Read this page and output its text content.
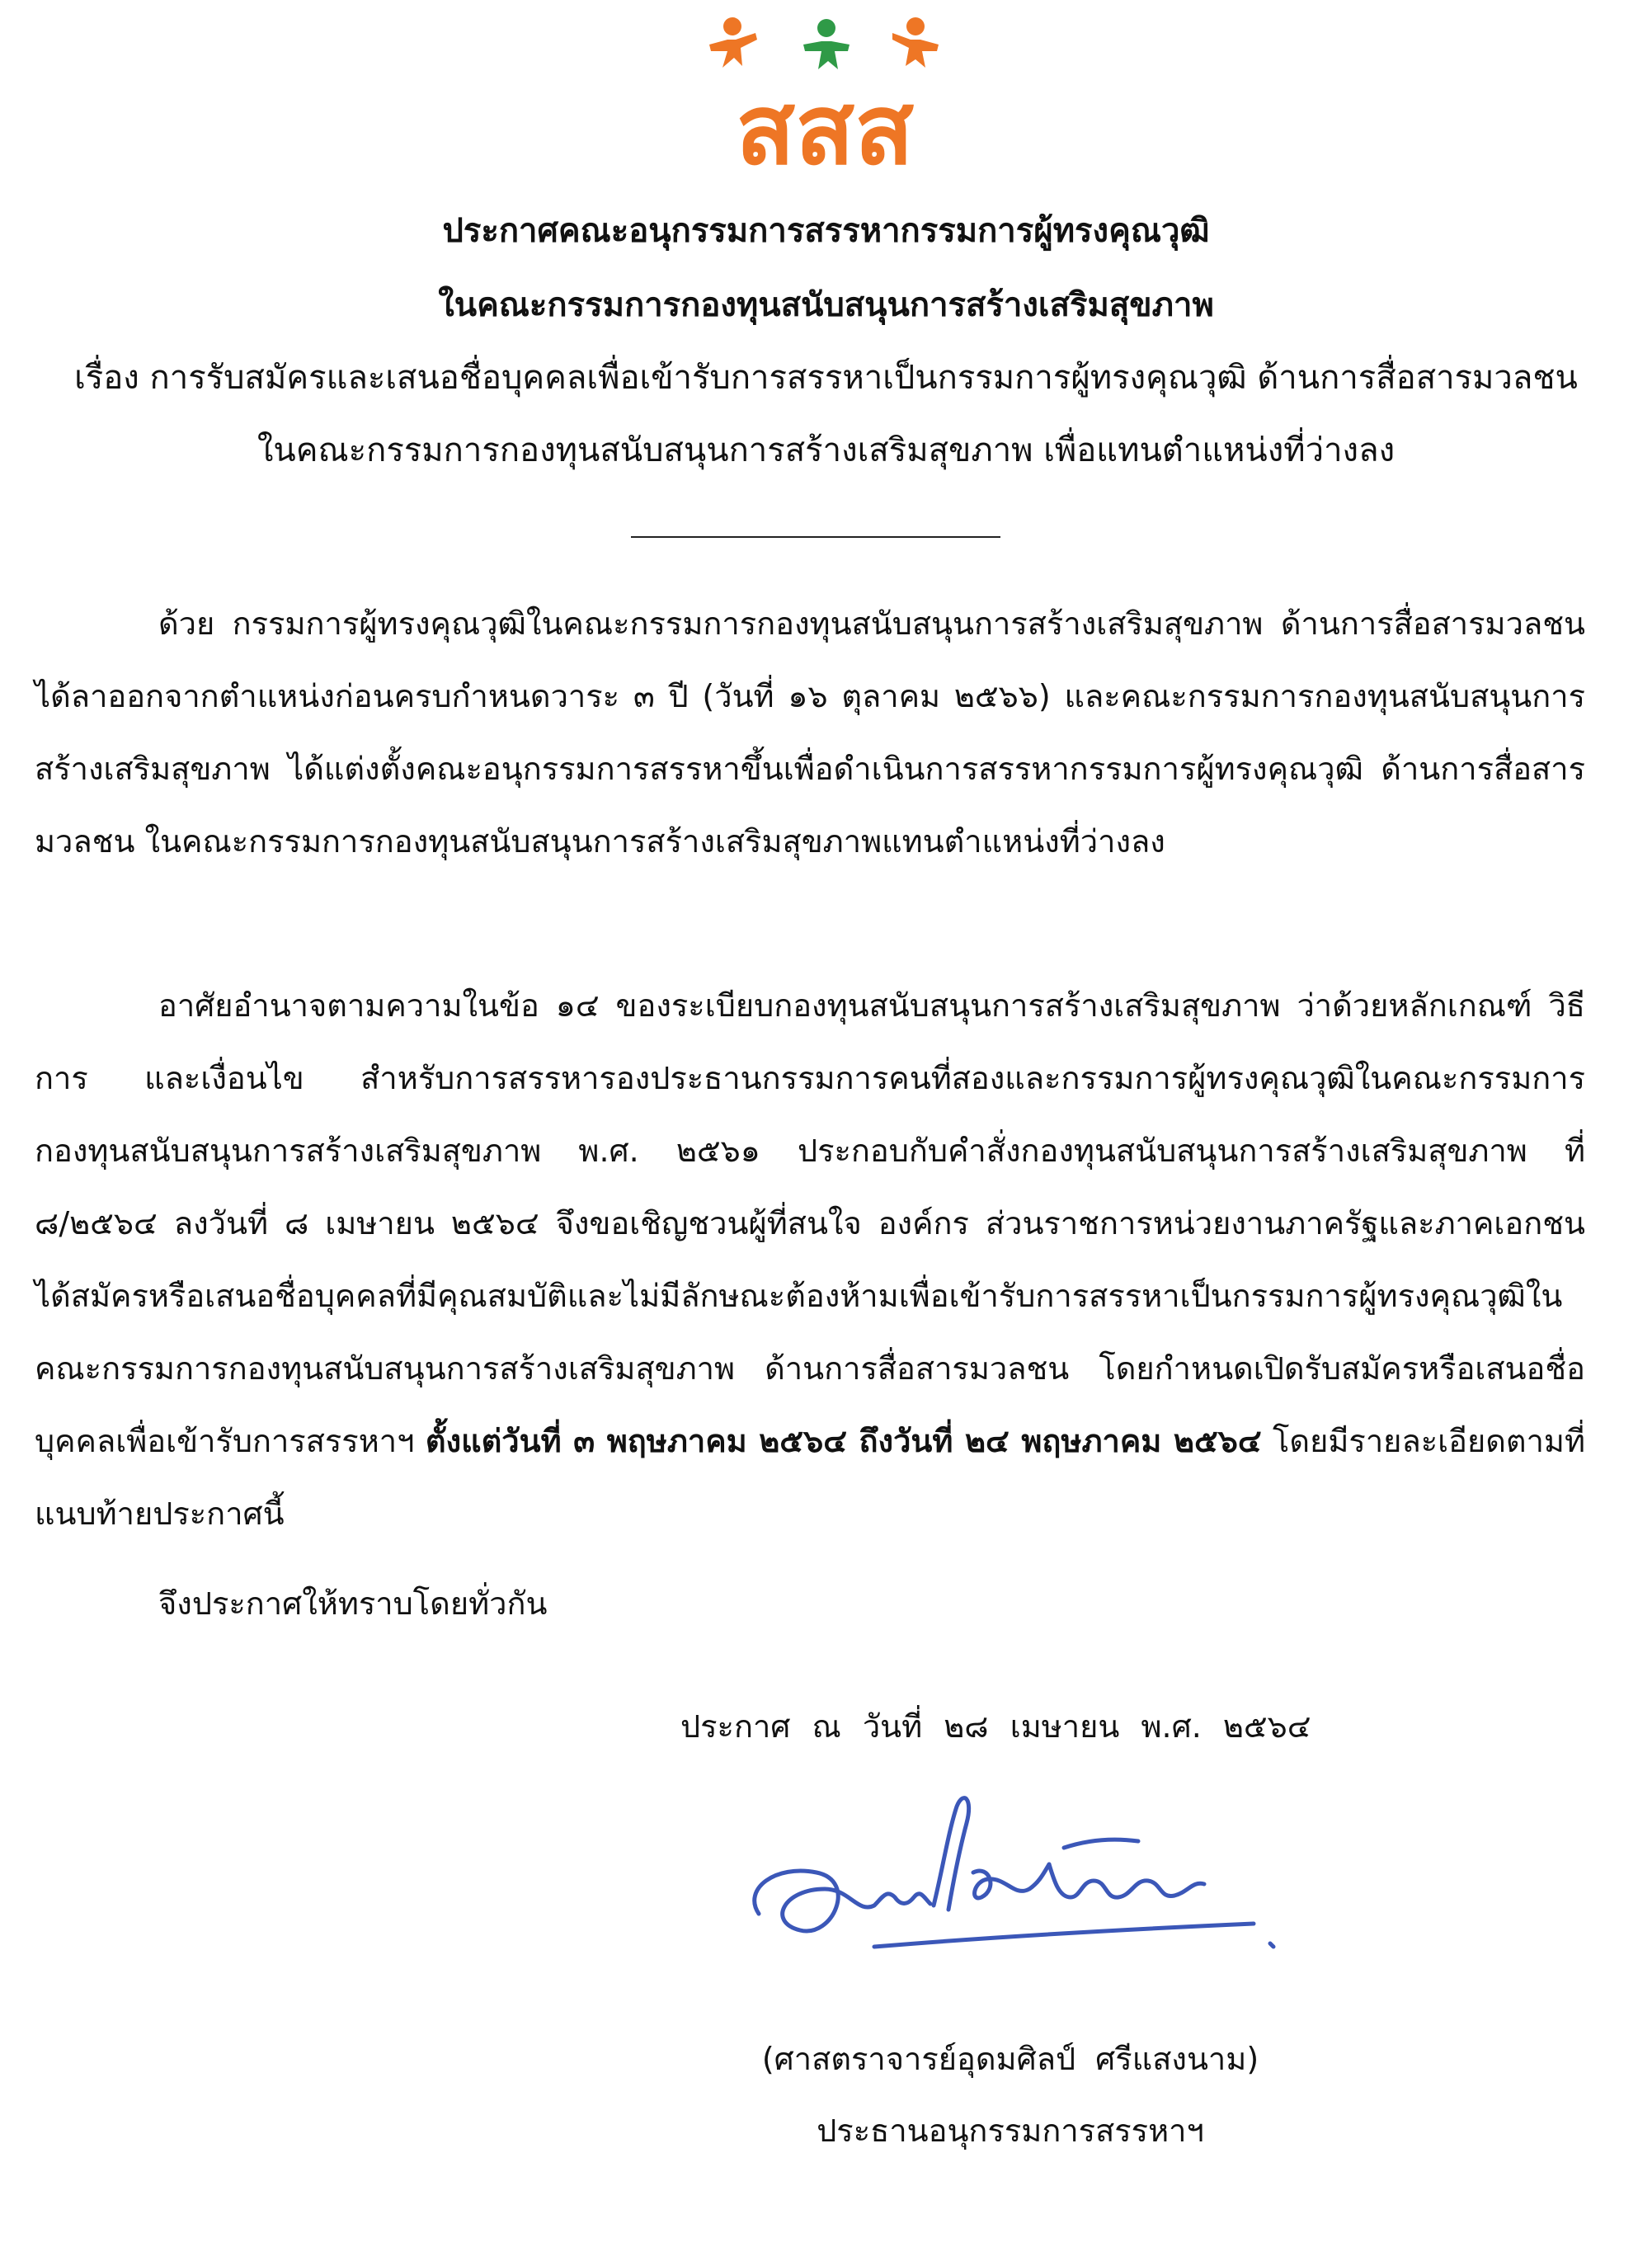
สสส
ประกาศคณะอนุกรรมการสรรหากรรมการผู้ทรงคุณวุฒิ
ในคณะกรรมการกองทุนสนับสนุนการสร้างเสริมสุขภาพ
เรื่อง การรับสมัครและเสนอชื่อบุคคลเพื่อเข้ารับการสรรหาเป็นกรรมการผู้ทรงคุณวุฒิ ด้านการสื่อสารมวลชน
ในคณะกรรมการกองทุนสนับสนุนการสร้างเสริมสุขภาพ เพื่อแทนตำแหน่งที่ว่างลง

ด้วย กรรมการผู้ทรงคุณวุฒิในคณะกรรมการกองทุนสนับสนุนการสร้างเสริมสุขภาพ ด้านการสื่อสารมวลชน ได้ลาออกจากตำแหน่งก่อนครบกำหนดวาระ ๓ ปี (วันที่ ๑๖ ตุลาคม ๒๕๖๖) และคณะกรรมการกองทุนสนับสนุนการสร้างเสริมสุขภาพ ได้แต่งตั้งคณะอนุกรรมการสรรหาขึ้นเพื่อดำเนินการสรรหากรรมการผู้ทรงคุณวุฒิ ด้านการสื่อสารมวลชน ในคณะกรรมการกองทุนสนับสนุนการสร้างเสริมสุขภาพแทนตำแหน่งที่ว่างลง

อาศัยอำนาจตามความในข้อ ๑๔ ของระเบียบกองทุนสนับสนุนการสร้างเสริมสุขภาพ ว่าด้วยหลักเกณฑ์ วิธีการ และเงื่อนไข สำหรับการสรรหารองประธานกรรมการคนที่สองและกรรมการผู้ทรงคุณวุฒิในคณะกรรมการกองทุนสนับสนุนการสร้างเสริมสุขภาพ พ.ศ. ๒๕๖๑ ประกอบกับคำสั่งกองทุนสนับสนุนการสร้างเสริมสุขภาพ ที่ ๘/๒๕๖๔ ลงวันที่ ๘ เมษายน ๒๕๖๔ จึงขอเชิญชวนผู้ที่สนใจ องค์กร ส่วนราชการหน่วยงานภาครัฐและภาคเอกชน ได้สมัครหรือเสนอชื่อบุคคลที่มีคุณสมบัติและไม่มีลักษณะต้องห้ามเพื่อเข้ารับการสรรหาเป็นกรรมการผู้ทรงคุณวุฒิในคณะกรรมการกองทุนสนับสนุนการสร้างเสริมสุขภาพ ด้านการสื่อสารมวลชน โดยกำหนดเปิดรับสมัครหรือเสนอชื่อบุคคลเพื่อเข้ารับการสรรหาฯ ตั้งแต่วันที่ ๓ พฤษภาคม ๒๕๖๔ ถึงวันที่ ๒๔ พฤษภาคม ๒๕๖๔ โดยมีรายละเอียดตามที่แนบท้ายประกาศนี้

จึงประกาศให้ทราบโดยทั่วกัน

ประกาศ ณ วันที่ ๒๘ เมษายน พ.ศ. ๒๕๖๔
(ศาสตราจารย์อุดมศิลป์ ศรีแสงนาม)
ประธานอนุกรรมการสรรหาฯ
